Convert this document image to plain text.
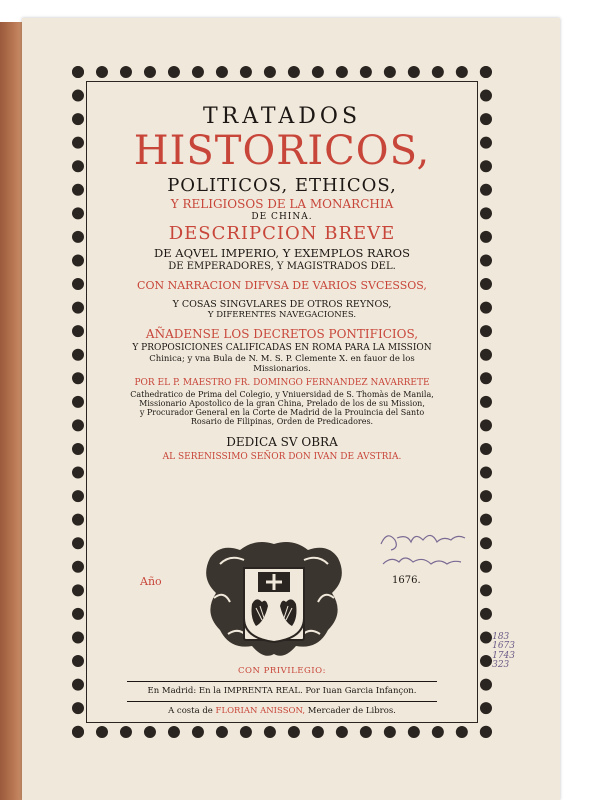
TRATADOS
HISTORICOS,
POLITICOS, ETHICOS,
Y RELIGIOSOS DE LA MONARCHIA
DE CHINA.
DESCRIPCION BREVE
DE AQVEL IMPERIO, Y EXEMPLOS RAROS
DE EMPERADORES, Y MAGISTRADOS DEL.
CON NARRACION DIFVSA DE VARIOS SVCESSOS,
Y COSAS SINGVLARES DE OTROS REYNOS,
Y DIFERENTES NAVEGACIONES.
AÑADENSE LOS DECRETOS PONTIFICIOS,
Y PROPOSICIONES CALIFICADAS EN ROMA PARA LA MISSION
Chinica; y vna Bula de N. M. S. P. Clemente X. en fauor de los
Missionarios.
POR EL P. MAESTRO FR. DOMINGO FERNANDEZ NAVARRETE
Cathedratico de Prima del Colegio, y Vniuersidad de S. Thomàs de Manila,
Missionario Apostolico de la gran China, Prelado de los de su Mission,
y Procurador General en la Corte de Madrid de la Prouincia del Santo
Rosario de Filipinas, Orden de Predicadores.
DEDICA SV OBRA
AL SERENISSIMO SEÑOR DON IVAN DE AVSTRIA.
Año	1676.
CON PRIVILEGIO:
En Madrid: En la IMPRENTA REAL. Por Iuan Garcia Infançon.
A costa de FLORIAN ANISSON, Mercader de Libros.
183
1673
1743
323
